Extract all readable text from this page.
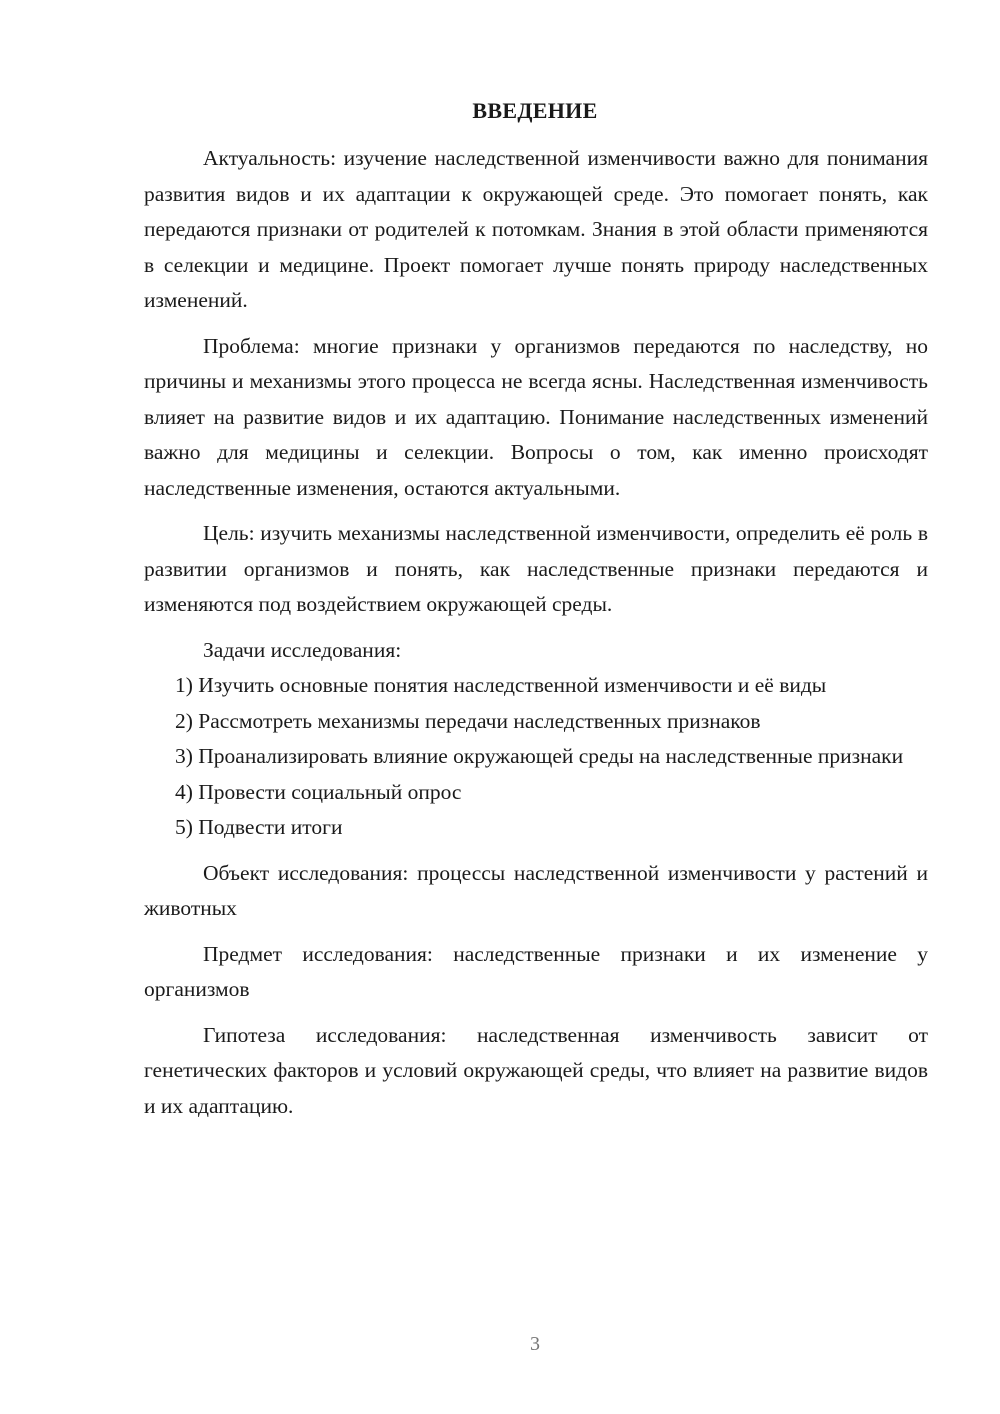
ВВЕДЕНИЕ

Актуальность: изучение наследственной изменчивости важно для понимания развития видов и их адаптации к окружающей среде. Это помогает понять, как передаются признаки от родителей к потомкам. Знания в этой области применяются в селекции и медицине. Проект помогает лучше понять природу наследственных изменений.

Проблема: многие признаки у организмов передаются по наследству, но причины и механизмы этого процесса не всегда ясны. Наследственная изменчивость влияет на развитие видов и их адаптацию. Понимание наследственных изменений важно для медицины и селекции. Вопросы о том, как именно происходят наследственные изменения, остаются актуальными.

Цель: изучить механизмы наследственной изменчивости, определить её роль в развитии организмов и понять, как наследственные признаки передаются и изменяются под воздействием окружающей среды.

Задачи исследования:

1) Изучить основные понятия наследственной изменчивости и её виды

2) Рассмотреть механизмы передачи наследственных признаков

3) Проанализировать влияние окружающей среды на наследственные признаки

4) Провести социальный опрос

5) Подвести итоги

Объект исследования: процессы наследственной изменчивости у растений и животных

Предмет исследования: наследственные признаки и их изменение у организмов

Гипотеза исследования: наследственная изменчивость зависит от генетических факторов и условий окружающей среды, что влияет на развитие видов и их адаптацию.

3
